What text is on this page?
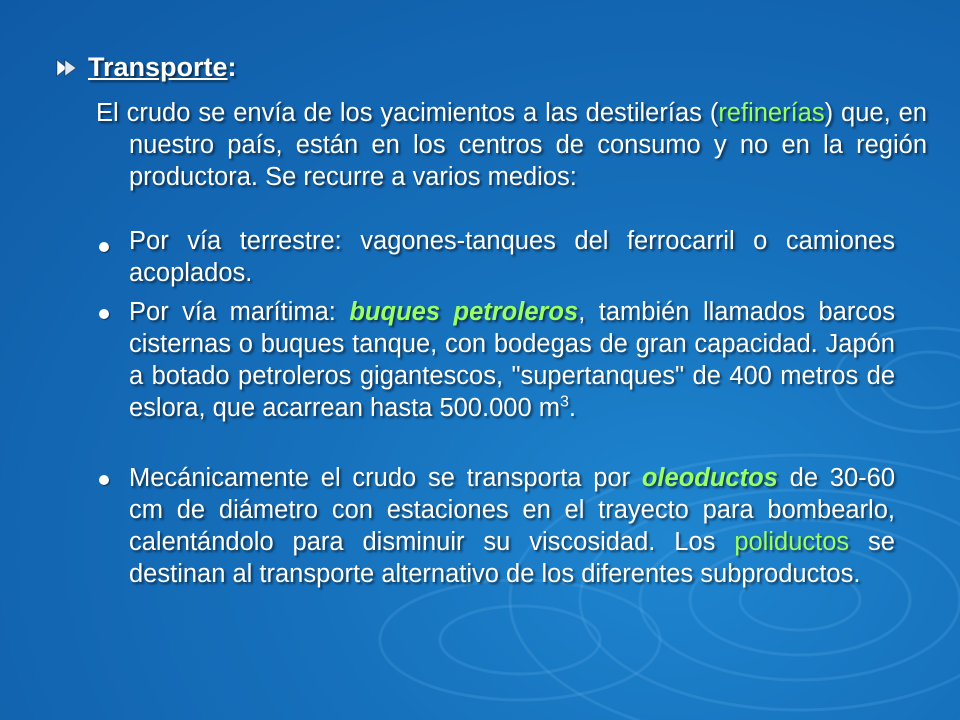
Transporte:
El crudo se envía de los yacimientos a las destilerías (refinerías) que, en nuestro país, están en los centros de consumo y no en la región productora. Se recurre a varios medios:
Por vía terrestre: vagones-tanques del ferrocarril o camiones acoplados.
Por vía marítima: buques petroleros, también llamados barcos cisternas o buques tanque, con bodegas de gran capacidad. Japón a botado petroleros gigantescos, "supertanques" de 400 metros de eslora, que acarrean hasta 500.000 $m^3$.
Mecánicamente el crudo se transporta por oleoductos de 30-60 cm de diámetro con estaciones en el trayecto para bombearlo, calentándolo para disminuir su viscosidad. Los poliductos se destinan al transporte alternativo de los diferentes subproductos.
